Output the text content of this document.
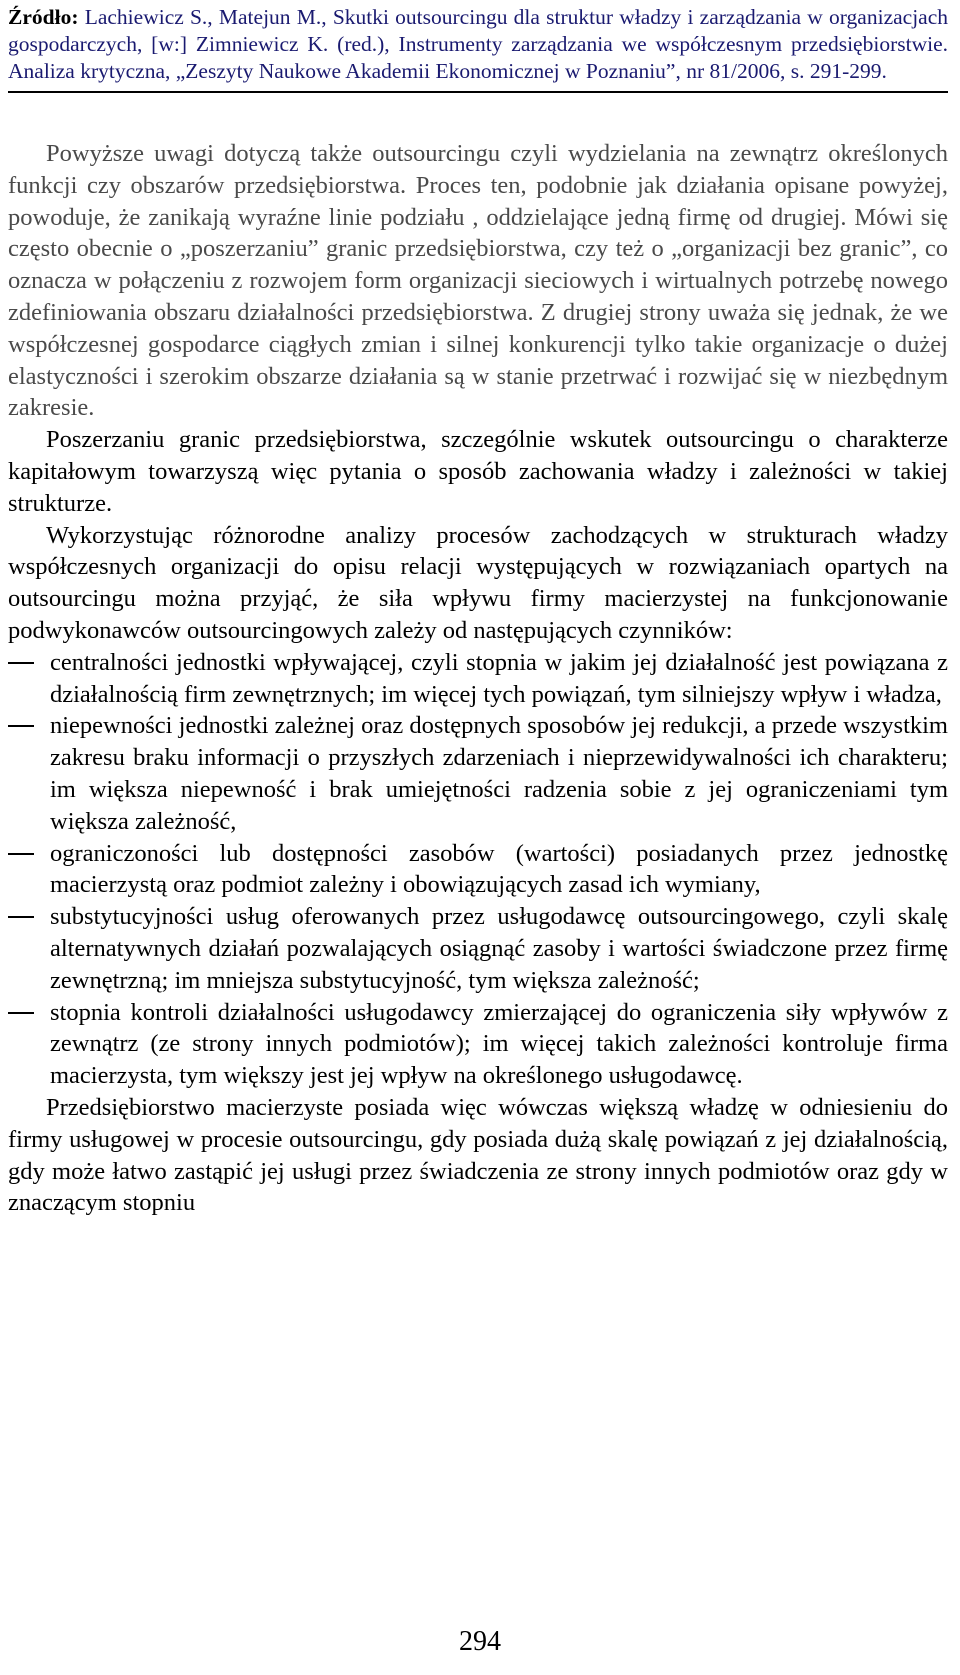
Źródło: Lachiewicz S., Matejun M., Skutki outsourcingu dla struktur władzy i zarządzania w organizacjach gospodarczych, [w:] Zimniewicz K. (red.), Instrumenty zarządzania we współczesnym przedsiębiorstwie. Analiza krytyczna, „Zeszyty Naukowe Akademii Ekonomicznej w Poznaniu”, nr 81/2006, s. 291-299.

Powyższe uwagi dotyczą także outsourcingu czyli wydzielania na zewnątrz określonych funkcji czy obszarów przedsiębiorstwa. Proces ten, podobnie jak działania opisane powyżej, powoduje, że zanikają wyraźne linie podziału , oddzielające jedną firmę od drugiej. Mówi się często obecnie o „poszerzaniu” granic przedsiębiorstwa, czy też o „organizacji bez granic”, co oznacza w połączeniu z rozwojem form organizacji sieciowych i wirtualnych potrzebę nowego zdefiniowania obszaru działalności przedsiębiorstwa. Z drugiej strony uważa się jednak, że we współczesnej gospodarce ciągłych zmian i silnej konkurencji tylko takie organizacje o dużej elastyczności i szerokim obszarze działania są w stanie przetrwać i rozwijać się w niezbędnym zakresie.

Poszerzaniu granic przedsiębiorstwa, szczególnie wskutek outsourcingu o charakterze kapitałowym towarzyszą więc pytania o sposób zachowania władzy i zależności w takiej strukturze.

Wykorzystując różnorodne analizy procesów zachodzących w strukturach władzy współczesnych organizacji do opisu relacji występujących w rozwiązaniach opartych na outsourcingu można przyjąć, że siła wpływu firmy macierzystej na funkcjonowanie podwykonawców outsourcingowych zależy od następujących czynników:

centralności jednostki wpływającej, czyli stopnia w jakim jej działalność jest powiązana z działalnością firm zewnętrznych; im więcej tych powiązań, tym silniejszy wpływ i władza,
niepewności jednostki zależnej oraz dostępnych sposobów jej redukcji, a przede wszystkim zakresu braku informacji o przyszłych zdarzeniach i nieprzewidywalności ich charakteru; im większa niepewność i brak umiejętności radzenia sobie z jej ograniczeniami tym większa zależność,
ograniczoności lub dostępności zasobów (wartości) posiadanych przez jednostkę macierzystą oraz podmiot zależny i obowiązujących zasad ich wymiany,
substytucyjności usług oferowanych przez usługodawcę outsourcingowego, czyli skalę alternatywnych działań pozwalających osiągnąć zasoby i wartości świadczone przez firmę zewnętrzną; im mniejsza substytucyjność, tym większa zależność;
stopnia kontroli działalności usługodawcy zmierzającej do ograniczenia siły wpływów z zewnątrz (ze strony innych podmiotów); im więcej takich zależności kontroluje firma macierzysta, tym większy jest jej wpływ na określonego usługodawcę.

Przedsiębiorstwo macierzyste posiada więc wówczas większą władzę w odniesieniu do firmy usługowej w procesie outsourcingu, gdy posiada dużą skalę powiązań z jej działalnością, gdy może łatwo zastąpić jej usługi przez świadczenia ze strony innych podmiotów oraz gdy w znaczącym stopniu

294
